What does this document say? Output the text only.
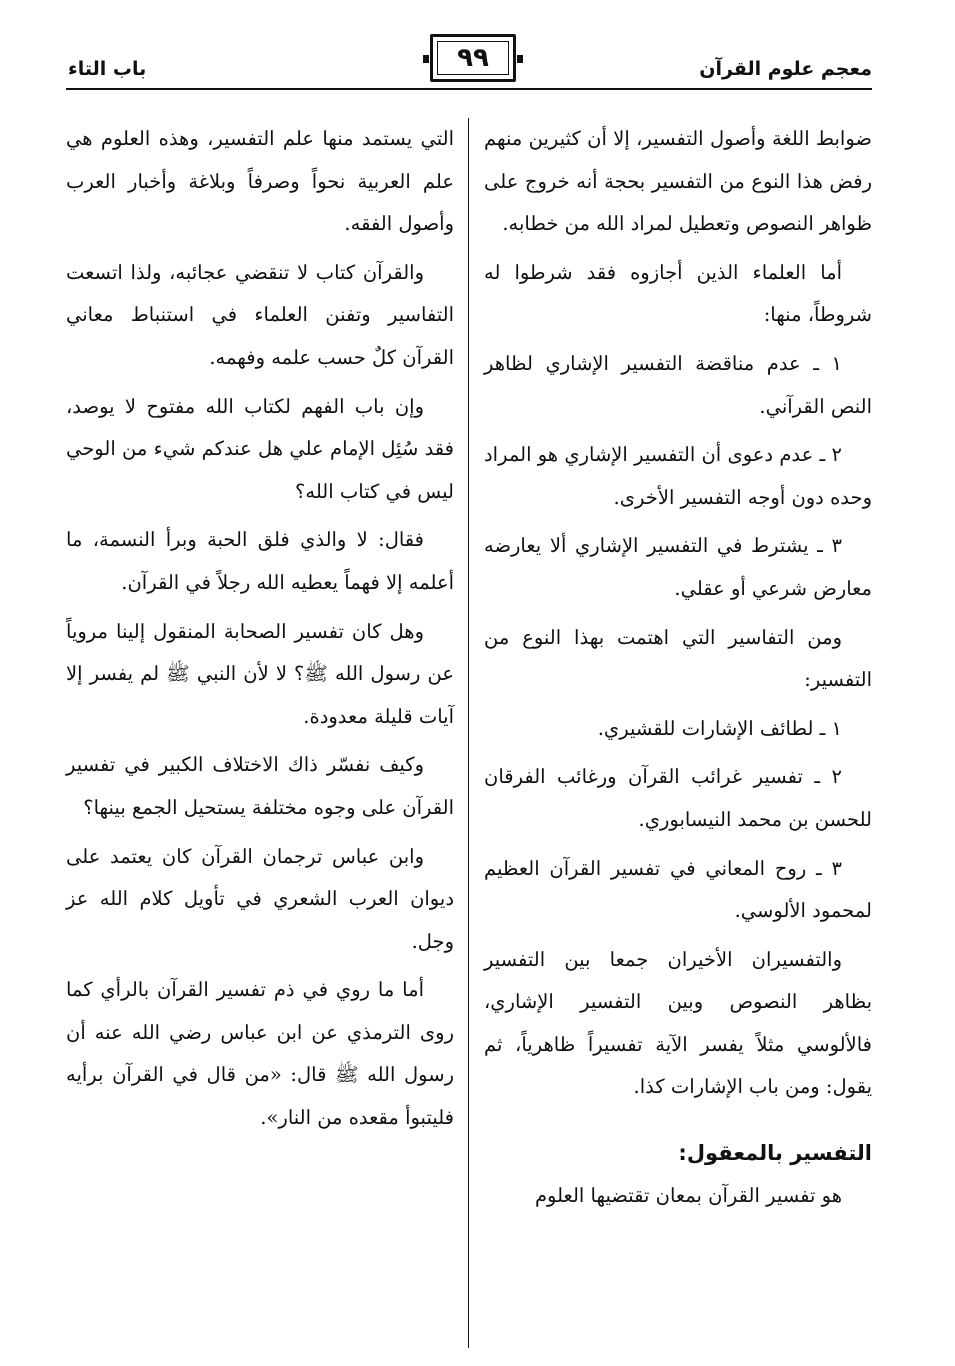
معجم علوم القرآن
٩٩
باب التاء

ضوابط اللغة وأصول التفسير، إلا أن كثيرين منهم رفض هذا النوع من التفسير بحجة أنه خروج على ظواهر النصوص وتعطيل لمراد الله من خطابه.

أما العلماء الذين أجازوه فقد شرطوا له شروطاً، منها:

١ ـ عدم مناقضة التفسير الإشاري لظاهر النص القرآني.

٢ ـ عدم دعوى أن التفسير الإشاري هو المراد وحده دون أوجه التفسير الأخرى.

٣ ـ يشترط في التفسير الإشاري ألا يعارضه معارض شرعي أو عقلي.

ومن التفاسير التي اهتمت بهذا النوع من التفسير:

١ ـ لطائف الإشارات للقشيري.

٢ ـ تفسير غرائب القرآن ورغائب الفرقان للحسن بن محمد النيسابوري.

٣ ـ روح المعاني في تفسير القرآن العظيم لمحمود الألوسي.

والتفسيران الأخيران جمعا بين التفسير بظاهر النصوص وبين التفسير الإشاري، فالألوسي مثلاً يفسر الآية تفسيراً ظاهرياً، ثم يقول: ومن باب الإشارات كذا.

التفسير بالمعقول:

هو تفسير القرآن بمعان تقتضيها العلوم

التي يستمد منها علم التفسير، وهذه العلوم هي علم العربية نحواً وصرفاً وبلاغة وأخبار العرب وأصول الفقه.

والقرآن كتاب لا تنقضي عجائبه، ولذا اتسعت التفاسير وتفنن العلماء في استنباط معاني القرآن كلٌ حسب علمه وفهمه.

وإن باب الفهم لكتاب الله مفتوح لا يوصد، فقد سُئِل الإمام علي هل عندكم شيء من الوحي ليس في كتاب الله؟

فقال: لا والذي فلق الحبة وبرأ النسمة، ما أعلمه إلا فهماً يعطيه الله رجلاً في القرآن.

وهل كان تفسير الصحابة المنقول إلينا مروياً عن رسول الله ﷺ؟ لا لأن النبي ﷺ لم يفسر إلا آيات قليلة معدودة.

وكيف نفسّر ذاك الاختلاف الكبير في تفسير القرآن على وجوه مختلفة يستحيل الجمع بينها؟

وابن عباس ترجمان القرآن كان يعتمد على ديوان العرب الشعري في تأويل كلام الله عز وجل.

أما ما روي في ذم تفسير القرآن بالرأي كما روى الترمذي عن ابن عباس رضي الله عنه أن رسول الله ﷺ قال: «من قال في القرآن برأيه فليتبوأ مقعده من النار».
